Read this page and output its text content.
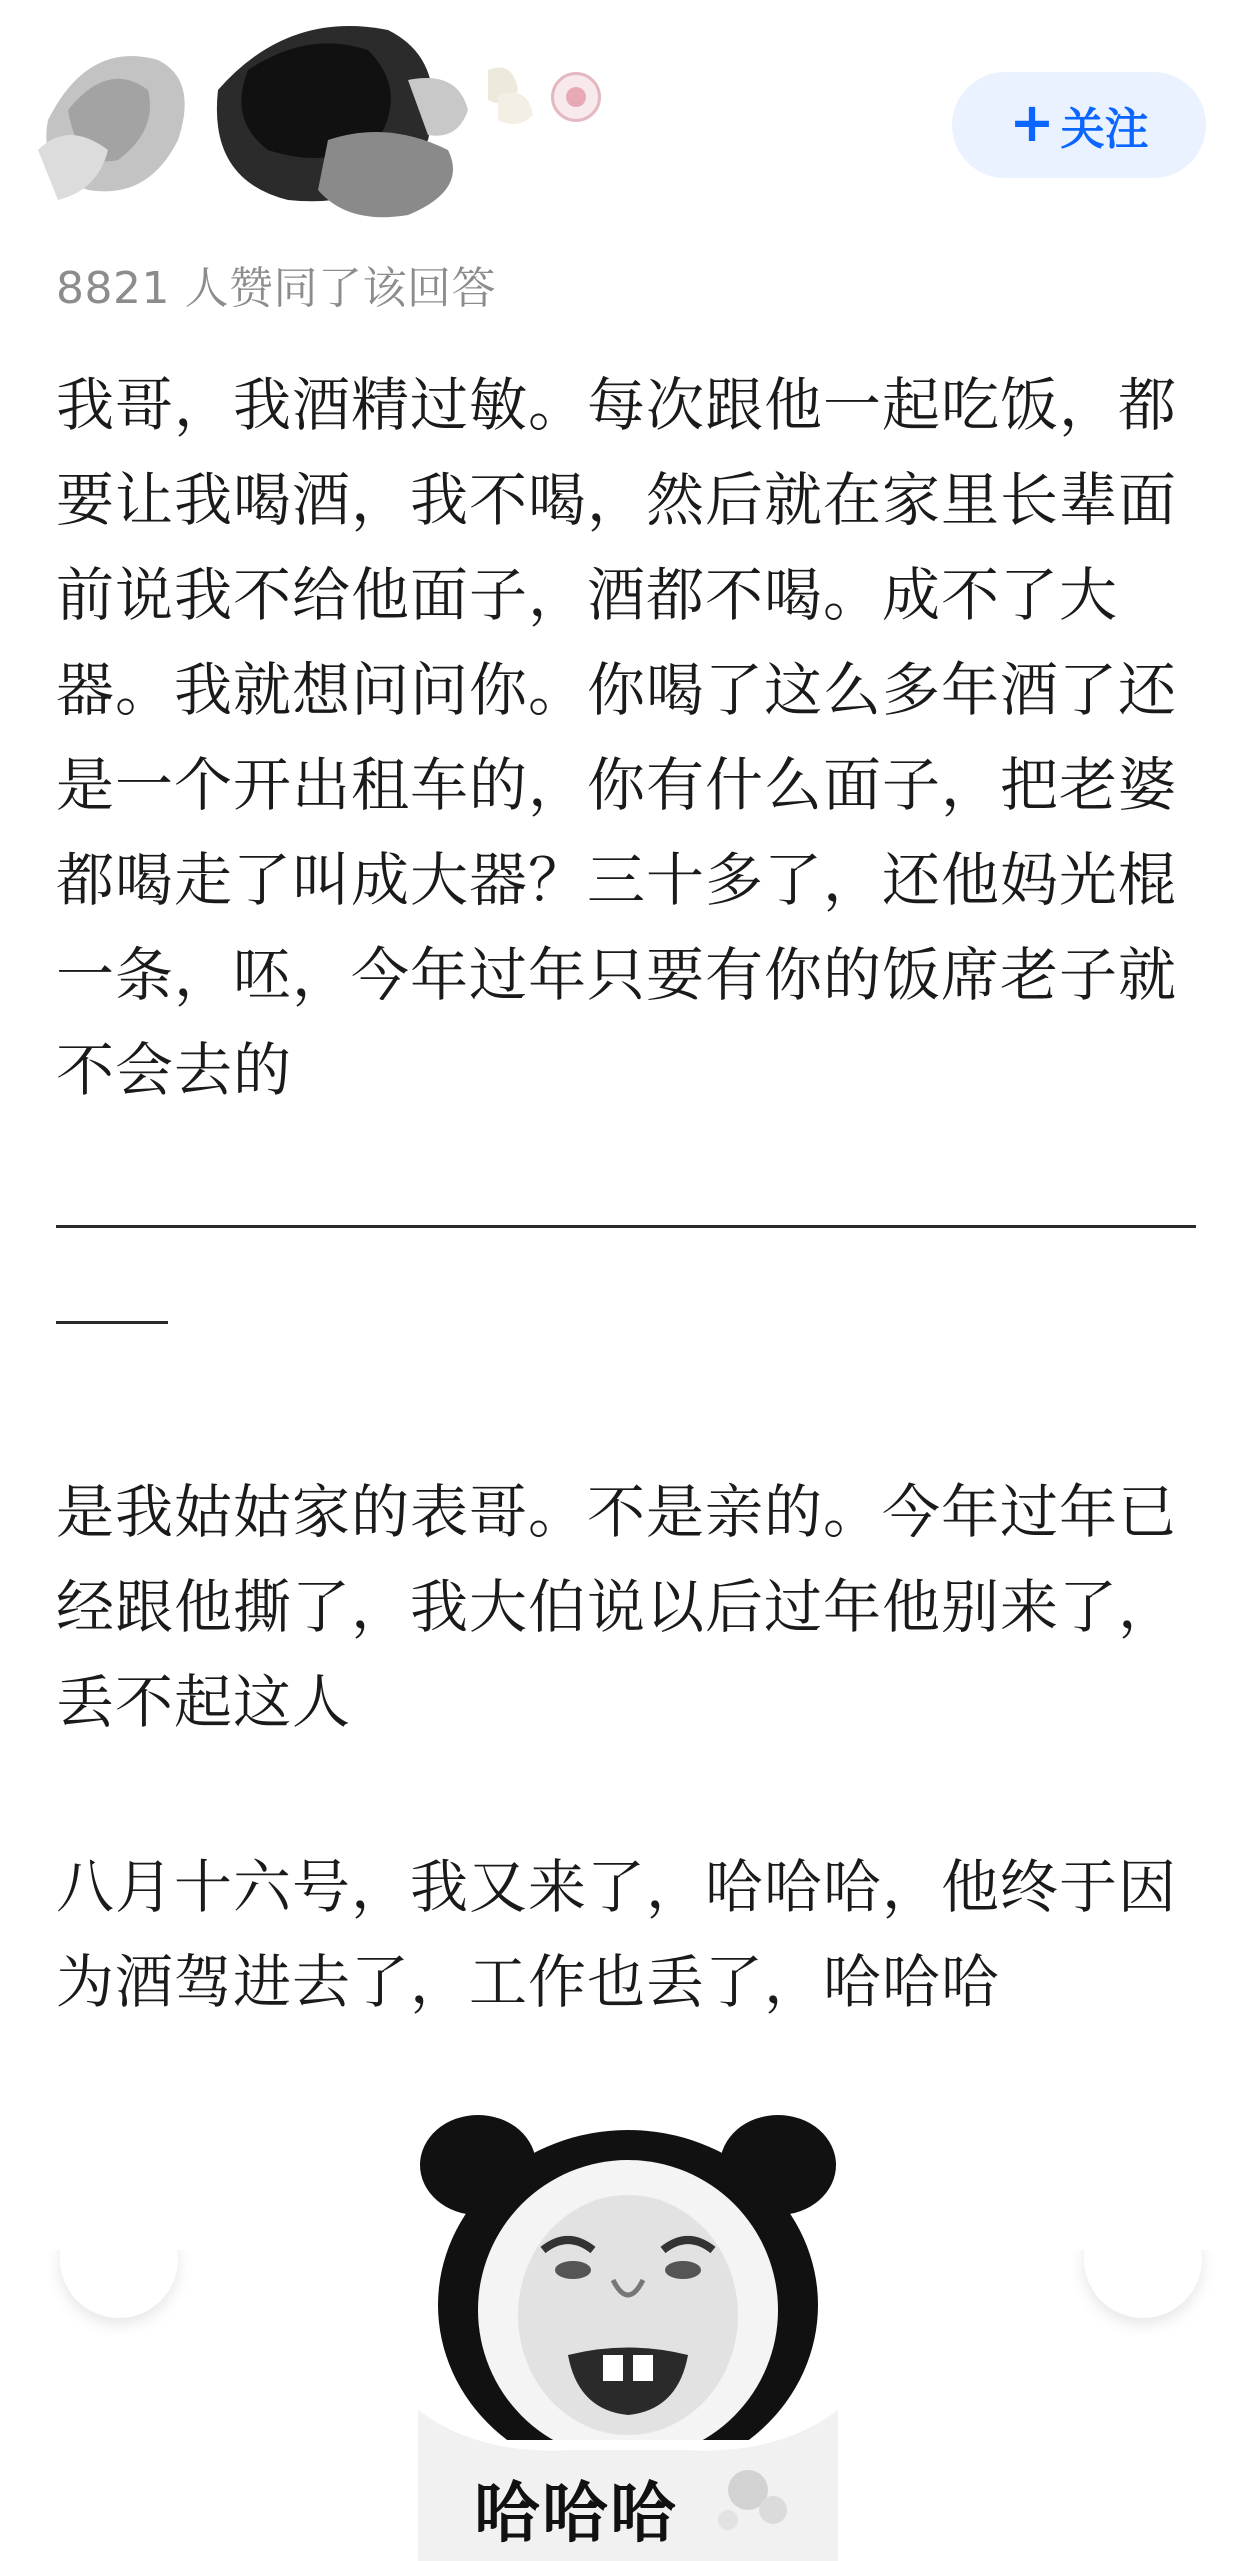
+ 关注
8821 人赞同了该回答

我哥，我酒精过敏。每次跟他一起吃饭，都要让我喝酒，我不喝，然后就在家里长辈面前说我不给他面子，酒都不喝。成不了大器。我就想问问你。你喝了这么多年酒了还是一个开出租车的，你有什么面子，把老婆都喝走了叫成大器？三十多了，还他妈光棍一条，呸，今年过年只要有你的饭席老子就不会去的

是我姑姑家的表哥。不是亲的。今年过年已经跟他撕了，我大伯说以后过年他别来了，丢不起这人

八月十六号，我又来了，哈哈哈，他终于因为酒驾进去了，工作也丢了，哈哈哈

哈哈哈
